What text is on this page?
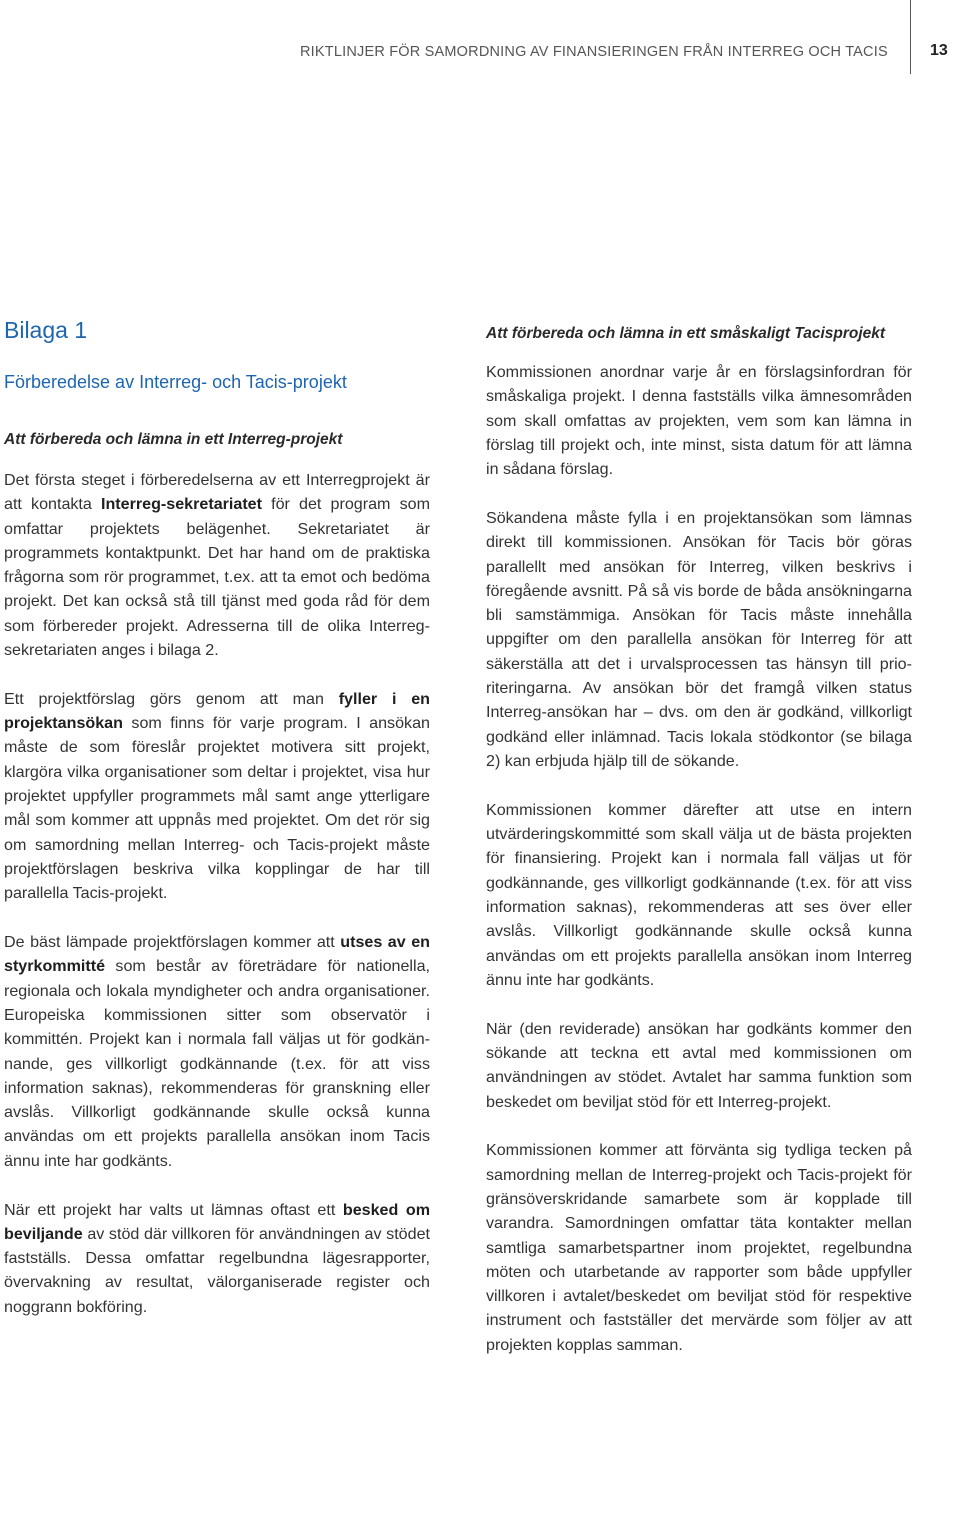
RIKTLINJER FÖR SAMORDNING AV FINANSIERINGEN FRÅN INTERREG OCH TACIS	13
Bilaga 1
Förberedelse av Interreg- och Tacis-projekt
Att förbereda och lämna in ett Interreg-projekt

Det första steget i förberedelserna av ett Interregprojekt är att kontakta Interreg-sekretariatet för det program som omfattar projektets belägenhet. Sekretariatet är programmets kontaktpunkt. Det har hand om de praktiska frågorna som rör programmet, t.ex. att ta emot och bedöma projekt. Det kan också stå till tjänst med goda råd för dem som förbereder projekt. Adresserna till de olika Interreg-sekretariaten anges i bilaga 2.

Ett projektförslag görs genom att man fyller i en projektansökan som finns för varje program. I ansökan måste de som föreslår projektet motivera sitt projekt, klargöra vilka organisationer som deltar i projektet, visa hur projektet uppfyller programmets mål samt ange ytterligare mål som kommer att uppnås med projektet. Om det rör sig om samordning mellan Interreg- och Tacis-projekt måste projektförslagen beskriva vilka kopplingar de har till parallella Tacis-projekt.

De bäst lämpade projektförslagen kommer att utses av en styrkommitté som består av företrädare för nationella, regionala och lokala myndigheter och andra organisationer. Europeiska kommissionen sitter som observatör i kommittén. Projekt kan i normala fall väljas ut för godkännande, ges villkorligt godkännande (t.ex. för att viss information saknas), rekommenderas för granskning eller avslås. Villkorligt godkännande skulle också kunna användas om ett projekts parallella ansökan inom Tacis ännu inte har godkänts.

När ett projekt har valts ut lämnas oftast ett besked om beviljande av stöd där villkoren för användningen av stödet fastställs. Dessa omfattar regelbundna lägesrapporter, övervakning av resultat, välorganiserade register och noggrann bokföring.

Att förbereda och lämna in ett småskaligt Tacisprojekt

Kommissionen anordnar varje år en förslagsinfordran för småskaliga projekt. I denna fastställs vilka ämnesområden som skall omfattas av projekten, vem som kan lämna in förslag till projekt och, inte minst, sista datum för att lämna in sådana förslag.

Sökandena måste fylla i en projektansökan som lämnas direkt till kommissionen. Ansökan för Tacis bör göras parallellt med ansökan för Interreg, vilken beskrivs i föregående avsnitt. På så vis borde de båda ansökningarna bli samstämmiga. Ansökan för Tacis måste innehålla uppgifter om den parallella ansökan för Interreg för att säkerställa att det i urvalsprocessen tas hänsyn till prioriteringarna. Av ansökan bör det framgå vilken status Interreg-ansökan har – dvs. om den är godkänd, villkorligt godkänd eller inlämnad. Tacis lokala stödkontor (se bilaga 2) kan erbjuda hjälp till de sökande.

Kommissionen kommer därefter att utse en intern utvärderingskommitté som skall välja ut de bästa projekten för finansiering. Projekt kan i normala fall väljas ut för godkännande, ges villkorligt godkännande (t.ex. för att viss information saknas), rekommenderas att ses över eller avslås. Villkorligt godkännande skulle också kunna användas om ett projekts parallella ansökan inom Interreg ännu inte har godkänts.

När (den reviderade) ansökan har godkänts kommer den sökande att teckna ett avtal med kommissionen om användningen av stödet. Avtalet har samma funktion som beskedet om beviljat stöd för ett Interreg-projekt.

Kommissionen kommer att förvänta sig tydliga tecken på samordning mellan de Interreg-projekt och Tacis-projekt för gränsöverskridande samarbete som är kopplade till varandra. Samordningen omfattar täta kontakter mellan samtliga samarbetspartner inom projektet, regelbundna möten och utarbetande av rapporter som både uppfyller villkoren i avtalet/beskedet om beviljat stöd för respektive instrument och fastställer det mervärde som följer av att projekten kopplas samman.
